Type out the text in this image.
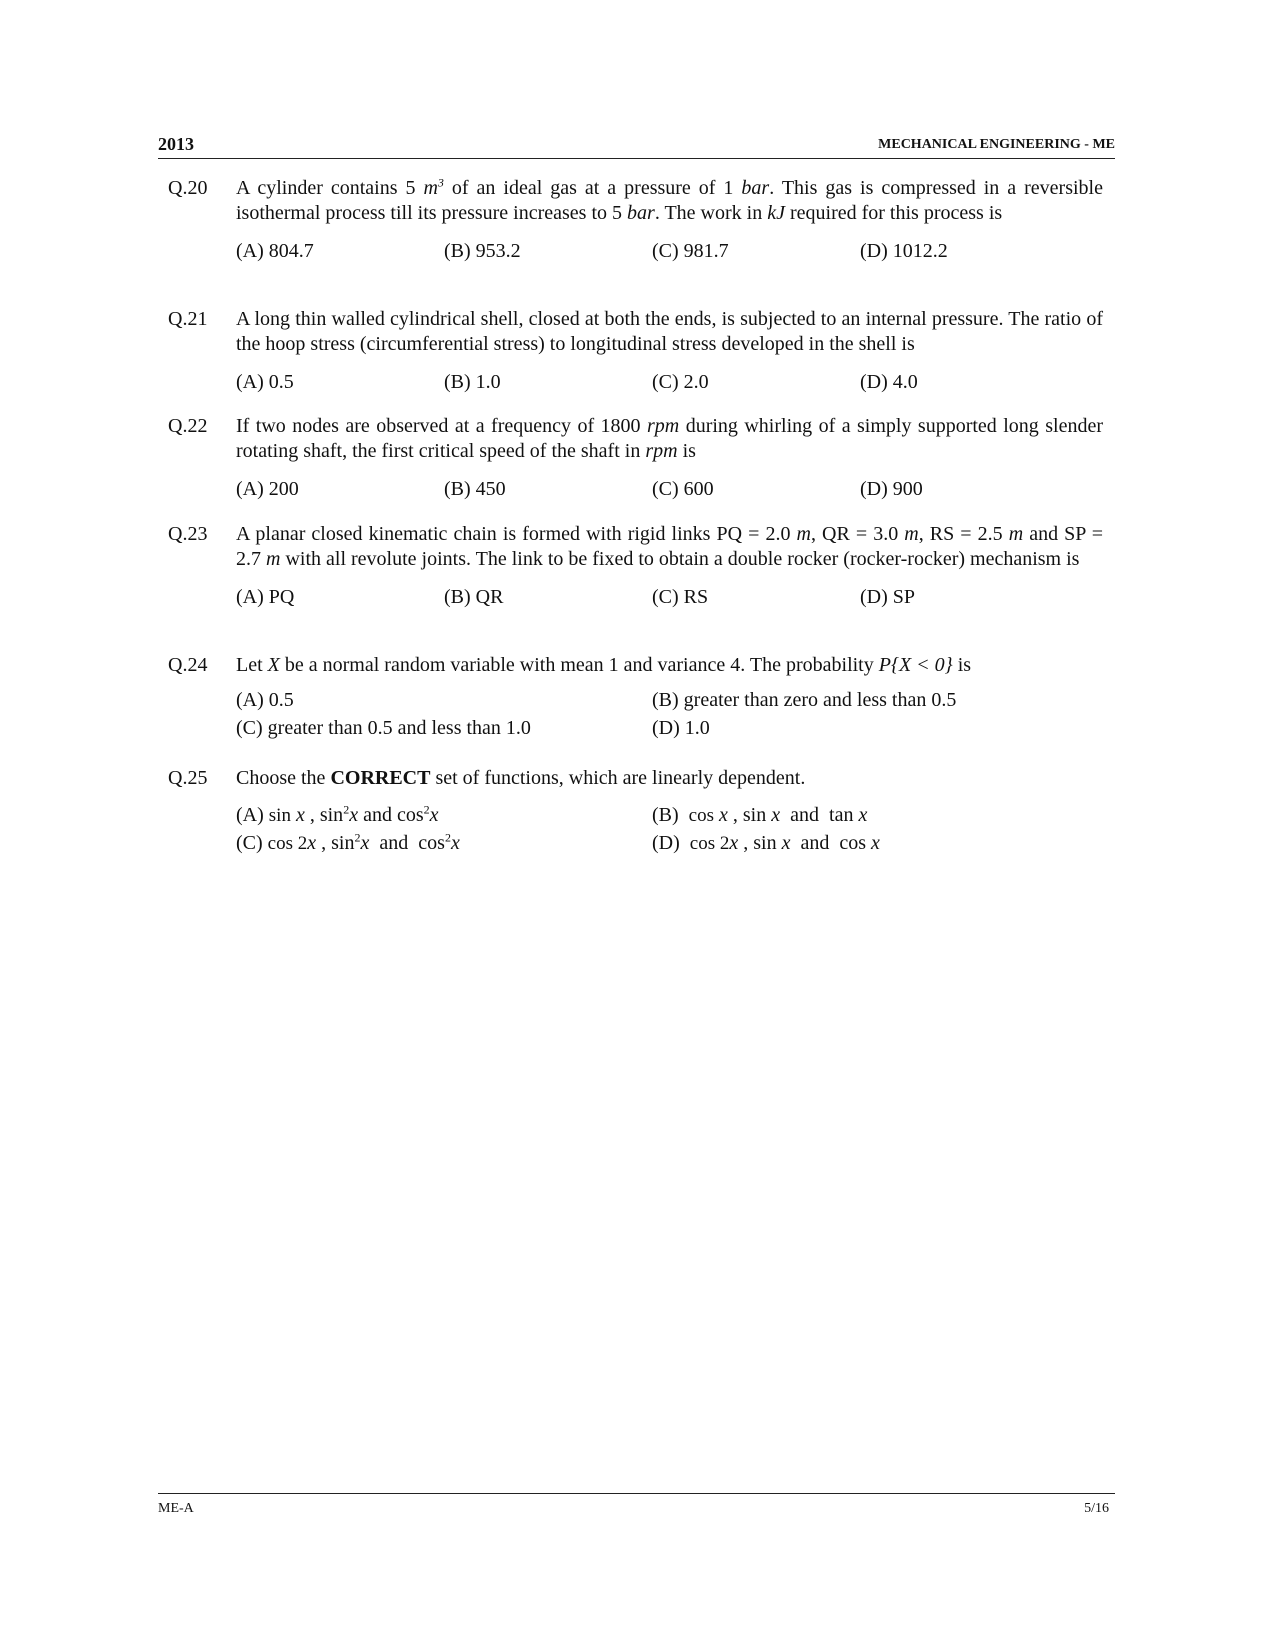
2013	MECHANICAL ENGINEERING - ME
Q.20 A cylinder contains 5 $m^3$ of an ideal gas at a pressure of 1 bar. This gas is compressed in a reversible isothermal process till its pressure increases to 5 bar. The work in kJ required for this process is
(A) 804.7	(B) 953.2	(C) 981.7	(D) 1012.2
Q.21 A long thin walled cylindrical shell, closed at both the ends, is subjected to an internal pressure. The ratio of the hoop stress (circumferential stress) to longitudinal stress developed in the shell is
(A) 0.5	(B) 1.0	(C) 2.0	(D) 4.0
Q.22 If two nodes are observed at a frequency of 1800 rpm during whirling of a simply supported long slender rotating shaft, the first critical speed of the shaft in rpm is
(A) 200	(B) 450	(C) 600	(D) 900
Q.23 A planar closed kinematic chain is formed with rigid links PQ = 2.0 m, QR = 3.0 m, RS = 2.5 m and SP = 2.7 m with all revolute joints. The link to be fixed to obtain a double rocker (rocker-rocker) mechanism is
(A) PQ	(B) QR	(C) RS	(D) SP
Q.24 Let X be a normal random variable with mean 1 and variance 4. The probability P{X < 0} is
(A) 0.5	(B) greater than zero and less than 0.5
(C) greater than 0.5 and less than 1.0	(D) 1.0
Q.25 Choose the CORRECT set of functions, which are linearly dependent.
(A) sin x , $\sin^2x$ and $\cos^2x$	(B) cos x , sin x and tan x
(C) cos 2x , $\sin^2x$ and $\cos^2x$	(D) cos 2x , sin x and cos x
ME-A	5/16
